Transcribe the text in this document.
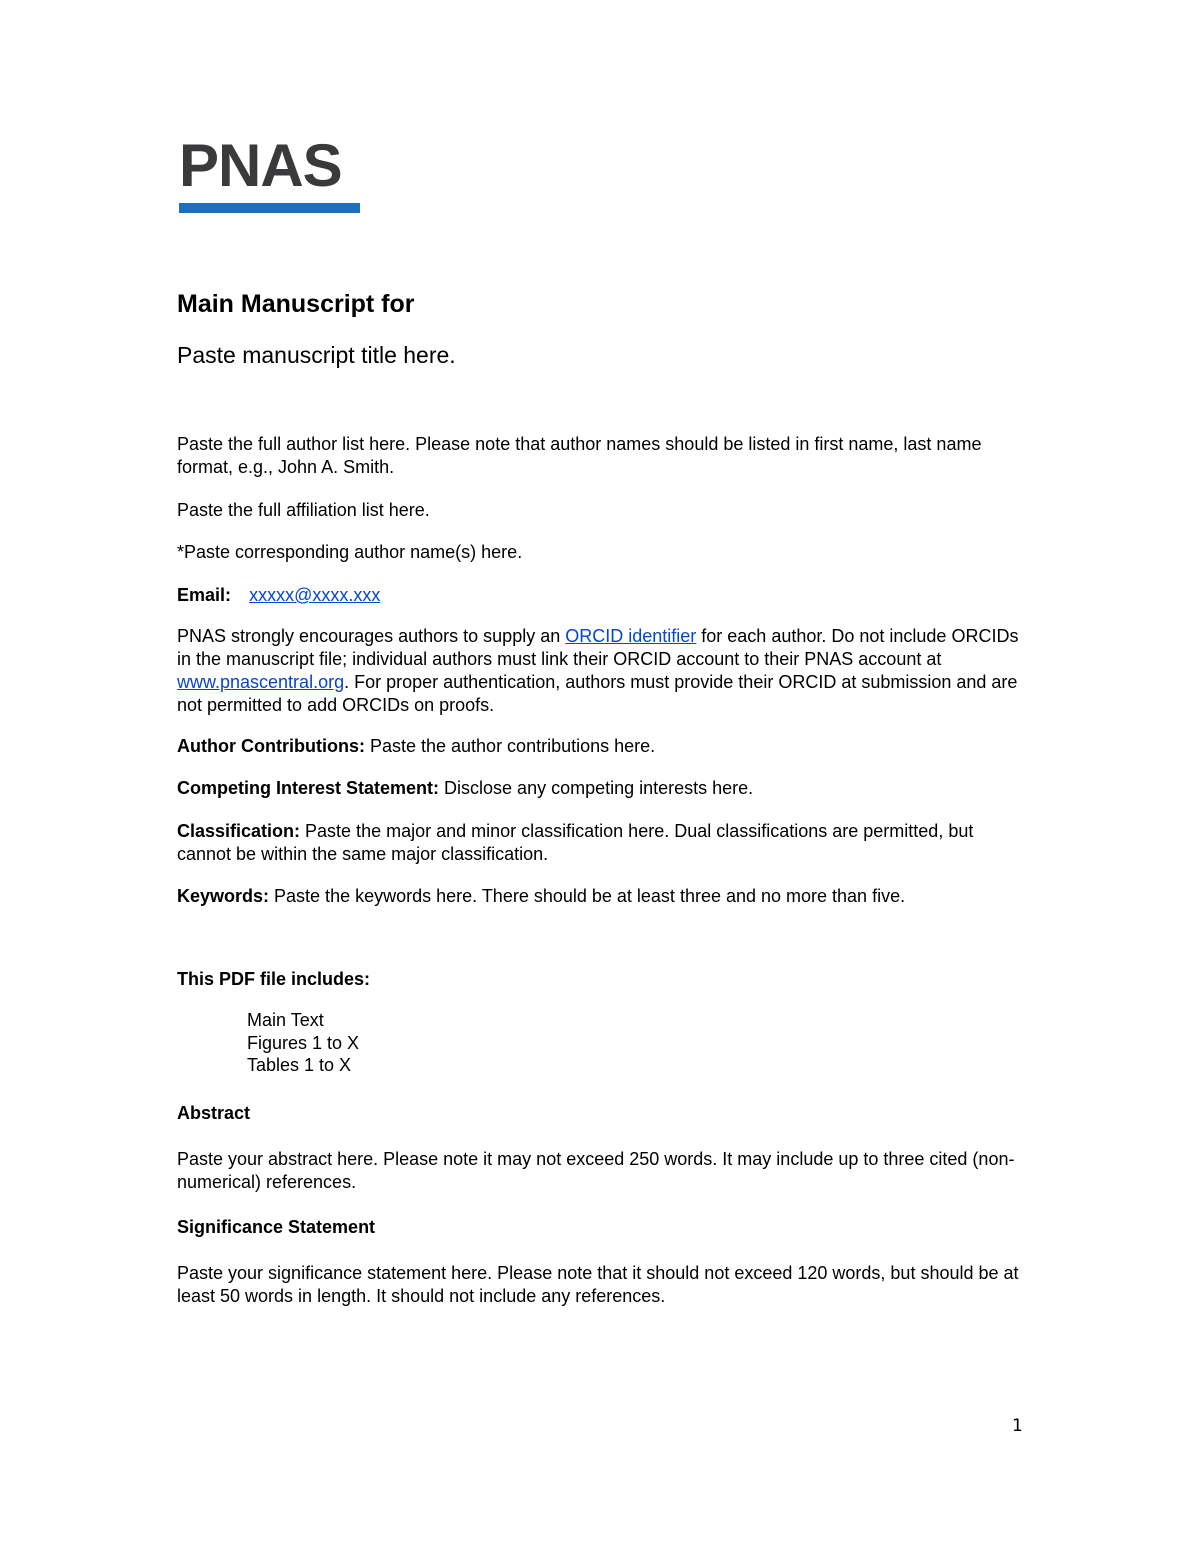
PNAS
Main Manuscript for
Paste manuscript title here.
Paste the full author list here. Please note that author names should be listed in first name, last name format, e.g., John A. Smith.
Paste the full affiliation list here.
*Paste corresponding author name(s) here.
Email: xxxxx@xxxx.xxx
PNAS strongly encourages authors to supply an ORCID identifier for each author. Do not include ORCIDs in the manuscript file; individual authors must link their ORCID account to their PNAS account at www.pnascentral.org. For proper authentication, authors must provide their ORCID at submission and are not permitted to add ORCIDs on proofs.
Author Contributions: Paste the author contributions here.
Competing Interest Statement: Disclose any competing interests here.
Classification: Paste the major and minor classification here. Dual classifications are permitted, but cannot be within the same major classification.
Keywords: Paste the keywords here. There should be at least three and no more than five.
This PDF file includes:
Main Text
Figures 1 to X
Tables 1 to X
Abstract
Paste your abstract here. Please note it may not exceed 250 words. It may include up to three cited (non-numerical) references.
Significance Statement
Paste your significance statement here. Please note that it should not exceed 120 words, but should be at least 50 words in length. It should not include any references.
1
